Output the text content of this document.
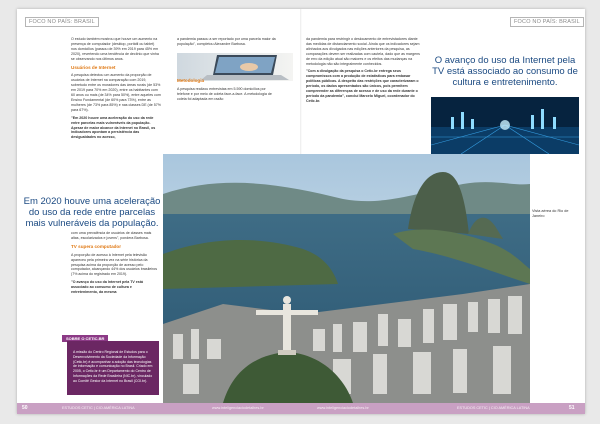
FOCO NO PAÍS: BRASIL

O estudo também mostrou que houve um aumento na presença de computador (desktop, portátil ou tablet) nos domicílios (passou de 39% em 2019 para 45% em 2020), revertendo uma tendência de declínio que vinha se observando nos últimos anos.

Usuários de Internet

A pesquisa detectou um aumento da proporção de usuários de Internet na comparação com 2019, sobretudo entre os moradores das áreas rurais (de 53% em 2019 para 70% em 2020), entre os habitantes com 60 anos ou mais (de 34% para 50%), entre aqueles com Ensino Fundamental (de 60% para 73%), entre as mulheres (de 73% para 85%) e nas classes DE (de 57% para 67%).

"Em 2020 houve uma aceleração do uso da rede entre parcelas mais vulneráveis da população. Apesar de maior alcance da Internet no Brasil, os indicadores apontam a persistência das desigualdades no acesso,

a pandemia passou a ser reportado por uma parcela maior da população", completou Alexandre Barbosa.

Metodologia

A pesquisa realizou entrevistas em 5.590 domicílios por telefone e por meio de coleta face-a-face. A metodologia de coleta foi adaptada em razão

Em 2020 houve uma aceleração do uso da rede entre parcelas mais vulneráveis da população.

com uma prevalência de usuários de classes mais altas, escolarizados e jovens", pondera Barbosa.

TV supera computador

A proporção de acesso à Internet pela televisão apareceu pela primeira vez na série histórica da pesquisa acima da proporção de acesso pelo computador, alcançando 44% dos usuários brasileiros (7% acima do registrado em 2019).

"O avanço do uso da Internet pela TV está associado ao consumo de cultura e entretenimento, da mesma

SOBRE O CETIC.BR
A missão do Centro Regional de Estudos para o Desenvolvimento da Sociedade da Informação (Cetic.br) é acompanhar a adoção das tecnologias de informação e comunicação no Brasil. Criado em 2005, o Cetic.br é um Departamento do Centro de Informações da Rede Brasileira (NIC.br), vinculado ao Comitê Gestor da Internet no Brasil (CGI.br).
FOCO NO PAÍS: BRASIL

da pandemia para restringir o deslocamento de entrevistadores diante das medidas de distanciamento social. Ainda que os indicadores sejam alinhados aos divulgados nas edições anteriores da pesquisa, as comparações devem ser realizadas com cautela, dado que as margens de erro da edição atual são maiores e os efeitos das mudanças na metodologia não são integralmente conhecidos.

"Com a divulgação da pesquisa o Cetic.br entrega seus compromissos com a produção de estatísticas para embasar políticas públicas. A despeito das restrições que caracterizaram o período, os dados apresentados são únicos, pois permitem compreender as diferenças de acesso e de uso da rede durante o período da pandemia", concluí Marcelo Miguel, coordenador do Cetic.br.

O avanço do uso da Internet pela TV está associado ao consumo de cultura e entretenimento.
Vista aérea do Rio de Janeiro
50	ESTUDOS CETIC | CIO AMÉRICA LATINA	www.inteligenciaciodetalhes.br	www.inteligenciaciodetalhes.br	ESTUDOS CETIC | CIO AMÉRICA LATINA	51
